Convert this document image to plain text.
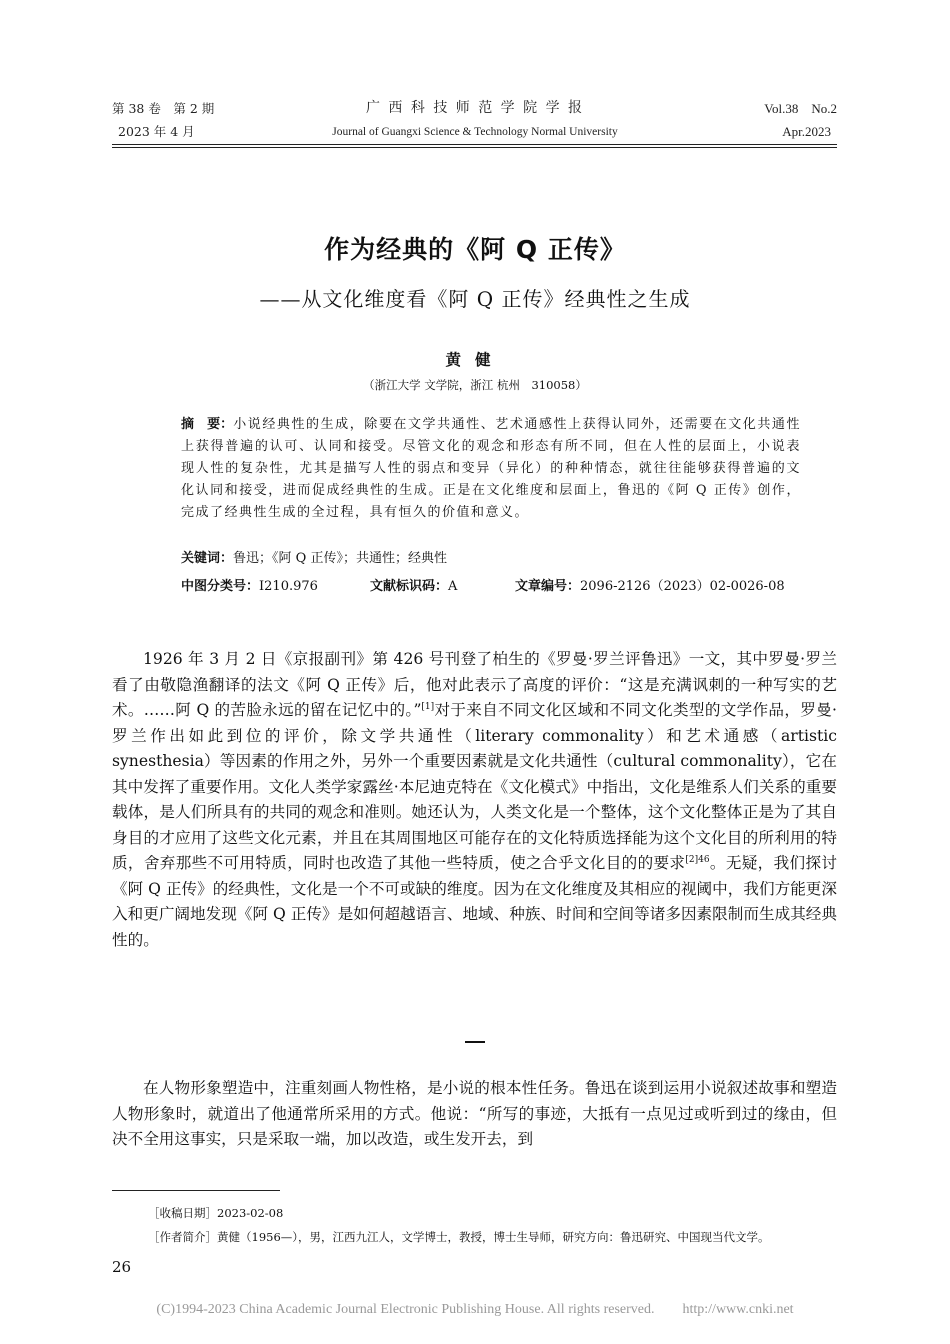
第 38 卷　第 2 期
2023 年 4 月
广 西 科 技 师 范 学 院 学 报
Journal of Guangxi Science & Technology Normal University
Vol.38　No.2
Apr.2023
作为经典的《阿 Q 正传》
——从文化维度看《阿 Q 正传》经典性之生成
黄健
（浙江大学 文学院，浙江 杭州　310058）
摘　要：小说经典性的生成，除要在文学共通性、艺术通感性上获得认同外，还需要在文化共通性上获得普遍的认可、认同和接受。尽管文化的观念和形态有所不同，但在人性的层面上，小说表现人性的复杂性，尤其是描写人性的弱点和变异（异化）的种种情态，就往往能够获得普遍的文化认同和接受，进而促成经典性的生成。正是在文化维度和层面上，鲁迅的《阿 Q 正传》创作，完成了经典性生成的全过程，具有恒久的价值和意义。
关键词：鲁迅；《阿 Q 正传》；共通性；经典性
中图分类号：I210.976	文献标识码：A	文章编号：2096-2126（2023）02-0026-08

1926 年 3 月 2 日《京报副刊》第 426 号刊登了柏生的《罗曼·罗兰评鲁迅》一文，其中罗曼·罗兰看了由敬隐渔翻译的法文《阿 Q 正传》后，他对此表示了高度的评价：“这是充满讽刺的一种写实的艺术。……阿 Q 的苦脸永远的留在记忆中的。”[1]对于来自不同文化区域和不同文化类型的文学作品，罗曼·罗兰作出如此到位的评价，除文学共通性（literary commonality）和艺术通感（artistic synesthesia）等因素的作用之外，另外一个重要因素就是文化共通性（cultural commonality），它在其中发挥了重要作用。文化人类学家露丝·本尼迪克特在《文化模式》中指出，文化是维系人们关系的重要载体，是人们所具有的共同的观念和准则。她还认为，人类文化是一个整体，这个文化整体正是为了其自身目的才应用了这些文化元素，并且在其周围地区可能存在的文化特质选择能为这个文化目的所利用的特质，舍弃那些不可用特质，同时也改造了其他一些特质，使之合乎文化目的的要求$^{[2]46}$。无疑，我们探讨《阿 Q 正传》的经典性，文化是一个不可或缺的维度。因为在文化维度及其相应的视阈中，我们方能更深入和更广阔地发现《阿 Q 正传》是如何超越语言、地域、种族、时间和空间等诸多因素限制而生成其经典性的。

在人物形象塑造中，注重刻画人物性格，是小说的根本性任务。鲁迅在谈到运用小说叙述故事和塑造人物形象时，就道出了他通常所采用的方式。他说：“所写的事迹，大抵有一点见过或听到过的缘由，但决不全用这事实，只是采取一端，加以改造，或生发开去，到

［收稿日期］2023-02-08
［作者简介］黄健（1956—），男，江西九江人，文学博士，教授，博士生导师，研究方向：鲁迅研究、中国现当代文学。
26
(C)1994-2023 China Academic Journal Electronic Publishing House. All rights reserved.　　http://www.cnki.net
